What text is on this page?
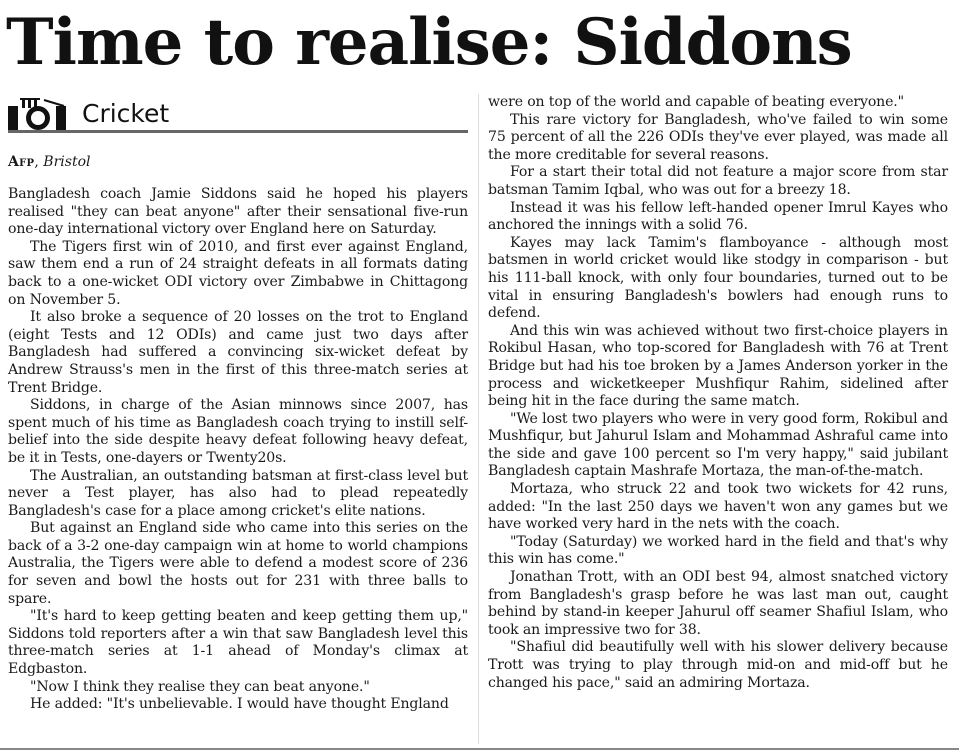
Time to realise: Siddons
Cricket
Afp, Bristol

Bangladesh coach Jamie Siddons said he hoped his players realised "they can beat anyone" after their sensational five-run one-day international victory over England here on Saturday.

The Tigers first win of 2010, and first ever against England, saw them end a run of 24 straight defeats in all formats dating back to a one-wicket ODI victory over Zimbabwe in Chittagong on November 5.

It also broke a sequence of 20 losses on the trot to England (eight Tests and 12 ODIs) and came just two days after Bangladesh had suffered a convincing six-wicket defeat by Andrew Strauss's men in the first of this three-match series at Trent Bridge.

Siddons, in charge of the Asian minnows since 2007, has spent much of his time as Bangladesh coach trying to instill self-belief into the side despite heavy defeat following heavy defeat, be it in Tests, one-dayers or Twenty20s.

The Australian, an outstanding batsman at first-class level but never a Test player, has also had to plead repeatedly Bangladesh's case for a place among cricket's elite nations.

But against an England side who came into this series on the back of a 3-2 one-day campaign win at home to world champions Australia, the Tigers were able to defend a modest score of 236 for seven and bowl the hosts out for 231 with three balls to spare.

"It's hard to keep getting beaten and keep getting them up," Siddons told reporters after a win that saw Bangladesh level this three-match series at 1-1 ahead of Monday's climax at Edgbaston.

"Now I think they realise they can beat anyone."

He added: "It's unbelievable. I would have thought England

were on top of the world and capable of beating everyone."

This rare victory for Bangladesh, who've failed to win some 75 percent of all the 226 ODIs they've ever played, was made all the more creditable for several reasons.

For a start their total did not feature a major score from star batsman Tamim Iqbal, who was out for a breezy 18.

Instead it was his fellow left-handed opener Imrul Kayes who anchored the innings with a solid 76.

Kayes may lack Tamim's flamboyance - although most batsmen in world cricket would like stodgy in comparison - but his 111-ball knock, with only four boundaries, turned out to be vital in ensuring Bangladesh's bowlers had enough runs to defend.

And this win was achieved without two first-choice players in Rokibul Hasan, who top-scored for Bangladesh with 76 at Trent Bridge but had his toe broken by a James Anderson yorker in the process and wicketkeeper Mushfiqur Rahim, sidelined after being hit in the face during the same match.

"We lost two players who were in very good form, Rokibul and Mushfiqur, but Jahurul Islam and Mohammad Ashraful came into the side and gave 100 percent so I'm very happy," said jubilant Bangladesh captain Mashrafe Mortaza, the man-of-the-match.

Mortaza, who struck 22 and took two wickets for 42 runs, added: "In the last 250 days we haven't won any games but we have worked very hard in the nets with the coach.

"Today (Saturday) we worked hard in the field and that's why this win has come."

Jonathan Trott, with an ODI best 94, almost snatched victory from Bangladesh's grasp before he was last man out, caught behind by stand-in keeper Jahurul off seamer Shafiul Islam, who took an impressive two for 38.

"Shafiul did beautifully well with his slower delivery because Trott was trying to play through mid-on and mid-off but he changed his pace," said an admiring Mortaza.
